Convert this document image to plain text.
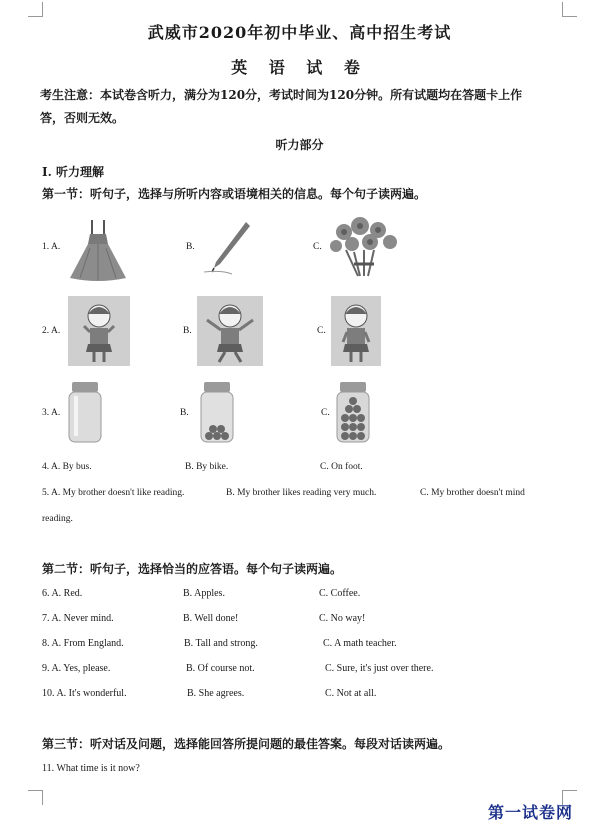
武威市2020年初中毕业、高中招生考试
英 语 试 卷
考生注意：本试卷含听力，满分为120分，考试时间为120分钟。所有试题均在答题卡上作
答，否则无效。
听力部分
I. 听力理解
第一节：听句子，选择与所听内容或语境相关的信息。每个句子读两遍。
1. A.	B.	C.
2. A.	B.	C.
3. A.	B.	C.
4. A. By bus.	B. By bike.	C. On foot.
5. A. My brother doesn't like reading.	B. My brother likes reading very much.	C. My brother doesn't mind
reading.
第二节：听句子，选择恰当的应答语。每个句子读两遍。
6. A. Red.	B. Apples.	C. Coffee.
7. A. Never mind.	B. Well done!	C. No way!
8. A. From England.	B. Tall and strong.	C. A math teacher.
9. A. Yes, please.	B. Of course not.	C. Sure, it's just over there.
10. A. It's wonderful.	B. She agrees.	C. Not at all.
第三节：听对话及问题，选择能回答所提问题的最佳答案。每段对话读两遍。
11. What time is it now?
第一试卷网
